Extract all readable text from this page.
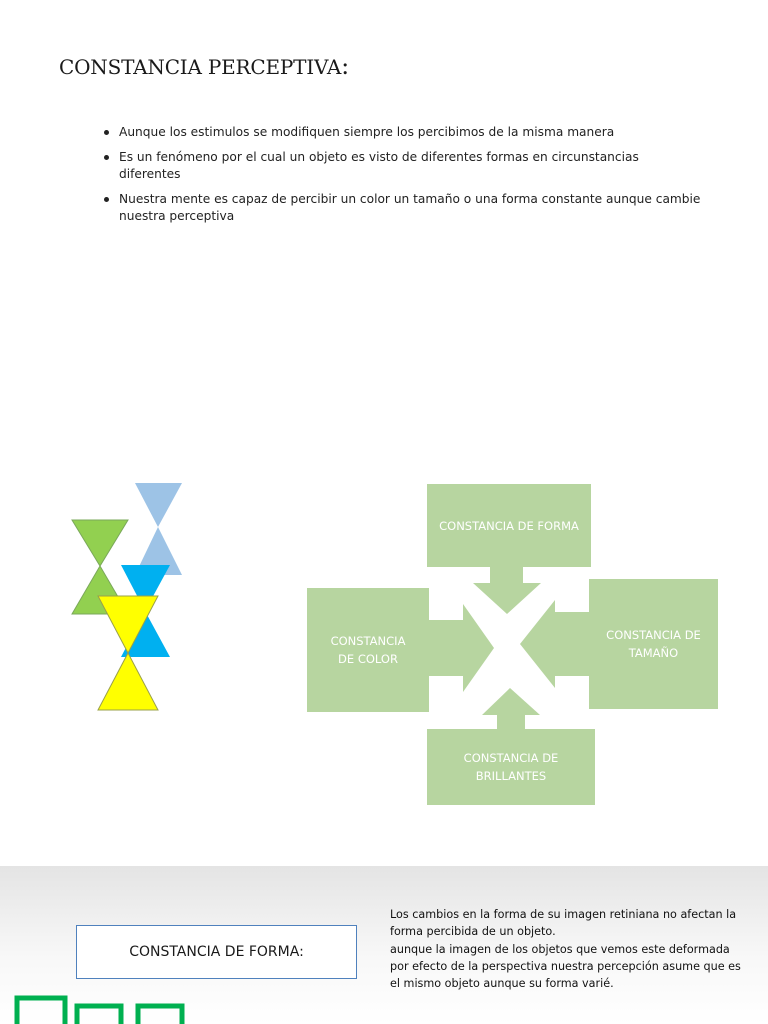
CONSTANCIA PERCEPTIVA:
Aunque los estimulos se modifiquen siempre los percibimos de la misma manera
Es un fenómeno por el cual un objeto es visto de diferentes formas en circunstancias diferentes
Nuestra mente es capaz de percibir un color un tamaño o una forma constante aunque cambie nuestra perceptiva
CONSTANCIA DE FORMA
CONSTANCIA DE COLOR
CONSTANCIA DE TAMAÑO
CONSTANCIA DE BRILLANTES
CONSTANCIA DE FORMA:

Los cambios en la forma de su imagen retiniana no afectan la
forma percibida de un objeto.
aunque la imagen de los objetos que vemos este deformada
por efecto de la perspectiva nuestra percepción asume que es
el mismo objeto aunque su forma varié.
